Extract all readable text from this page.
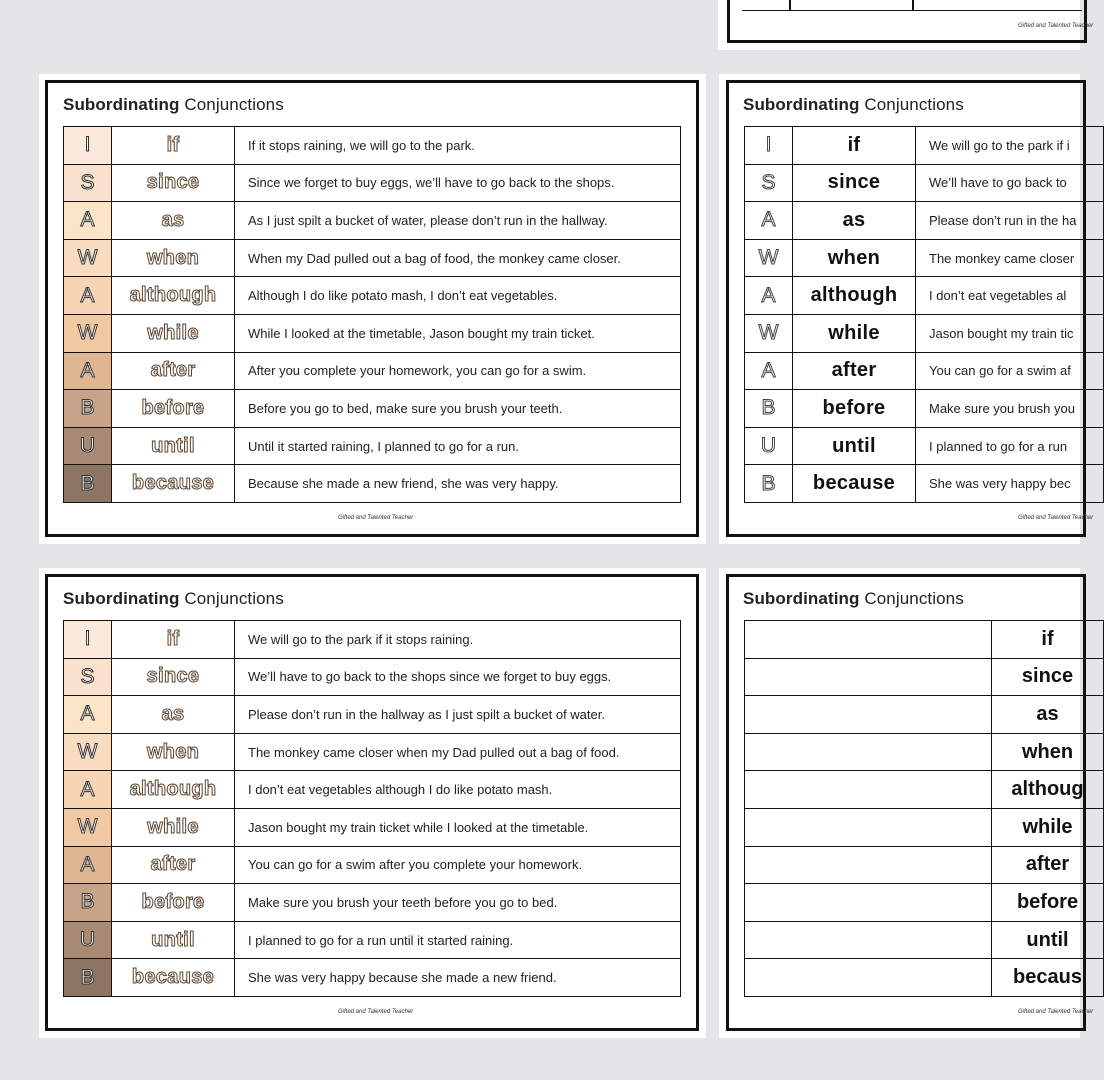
Gifted and Talented Teacher
Subordinating Conjunctions
I	if	If it stops raining, we will go to the park.
S	since	Since we forget to buy eggs, we’ll have to go back to the shops.
A	as	As I just spilt a bucket of water, please don’t run in the hallway.
W	when	When my Dad pulled out a bag of food, the monkey came closer.
A	although	Although I do like potato mash, I don’t eat vegetables.
W	while	While I looked at the timetable, Jason bought my train ticket.
A	after	After you complete your homework, you can go for a swim.
B	before	Before you go to bed, make sure you brush your teeth.
U	until	Until it started raining, I planned to go for a run.
B	because	Because she made a new friend, she was very happy.
Gifted and Talented Teacher
Subordinating Conjunctions
I	if	We will go to the park if i
S	since	We’ll have to go back to
A	as	Please don’t run in the ha
W	when	The monkey came closer
A	although	I don’t eat vegetables al
W	while	Jason bought my train tic
A	after	You can go for a swim af
B	before	Make sure you brush you
U	until	I planned to go for a run
B	because	She was very happy bec
Gifted and Talented Teacher
Subordinating Conjunctions
I	if	We will go to the park if it stops raining.
S	since	We’ll have to go back to the shops since we forget to buy eggs.
A	as	Please don’t run in the hallway as I just spilt a bucket of water.
W	when	The monkey came closer when my Dad pulled out a bag of food.
A	although	I don’t eat vegetables although I do like potato mash.
W	while	Jason bought my train ticket while I looked at the timetable.
A	after	You can go for a swim after you complete your homework.
B	before	Make sure you brush your teeth before you go to bed.
U	until	I planned to go for a run until it started raining.
B	because	She was very happy because she made a new friend.
Gifted and Talented Teacher
Subordinating Conjunctions
	if
	since
	as
	when
	althoug
	while
	after
	before
	until
	becaus
Gifted and Talented Teacher
